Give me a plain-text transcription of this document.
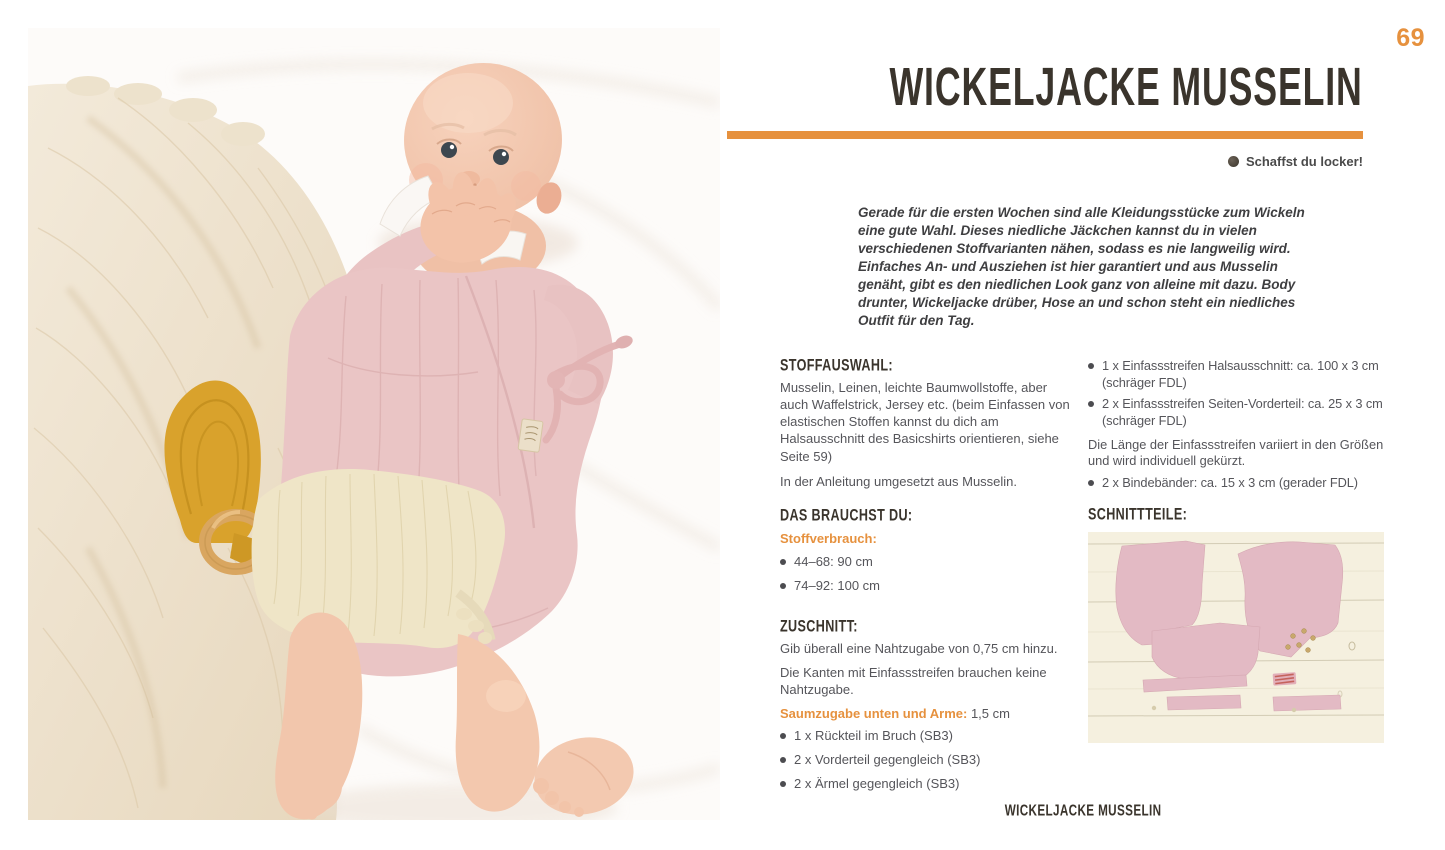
69
WICKELJACKE MUSSELIN
Schaffst du locker!
Gerade für die ersten Wochen sind alle Kleidungsstücke zum Wickeln eine gute Wahl. Dieses niedliche Jäckchen kannst du in vielen verschiedenen Stoffvarianten nähen, sodass es nie langweilig wird. Einfaches An- und Ausziehen ist hier garantiert und aus Musselin genäht, gibt es den niedlichen Look ganz von alleine mit dazu. Body drunter, Wickeljacke drüber, Hose an und schon steht ein niedliches Outfit für den Tag.
STOFFAUSWAHL:

Musselin, Leinen, leichte Baumwollstoffe, aber auch Waffelstrick, Jersey etc. (beim Einfassen von elastischen Stoffen kannst du dich am Halsausschnitt des Basicshirts orientieren, siehe Seite 59)

In der Anleitung umgesetzt aus Musselin.

DAS BRAUCHST DU:

Stoffverbrauch:

44–68: 90 cm
74–92: 100 cm
ZUSCHNITT:

Gib überall eine Nahtzugabe von 0,75 cm hinzu.

Die Kanten mit Einfassstreifen brauchen keine Nahtzugabe.

Saumzugabe unten und Arme: 1,5 cm

1 x Rückteil im Bruch (SB3)
2 x Vorderteil gegengleich (SB3)
2 x Ärmel gegengleich (SB3)
1 x Einfassstreifen Halsausschnitt: ca. 100 x 3 cm
(schräger FDL)
2 x Einfassstreifen Seiten-Vorderteil: ca. 25 x 3 cm
(schräger FDL)

Die Länge der Einfassstreifen variiert in den Größen und wird individuell gekürzt.

2 x Bindebänder: ca. 15 x 3 cm (gerader FDL)
SCHNITTTEILE:
WICKELJACKE MUSSELIN
